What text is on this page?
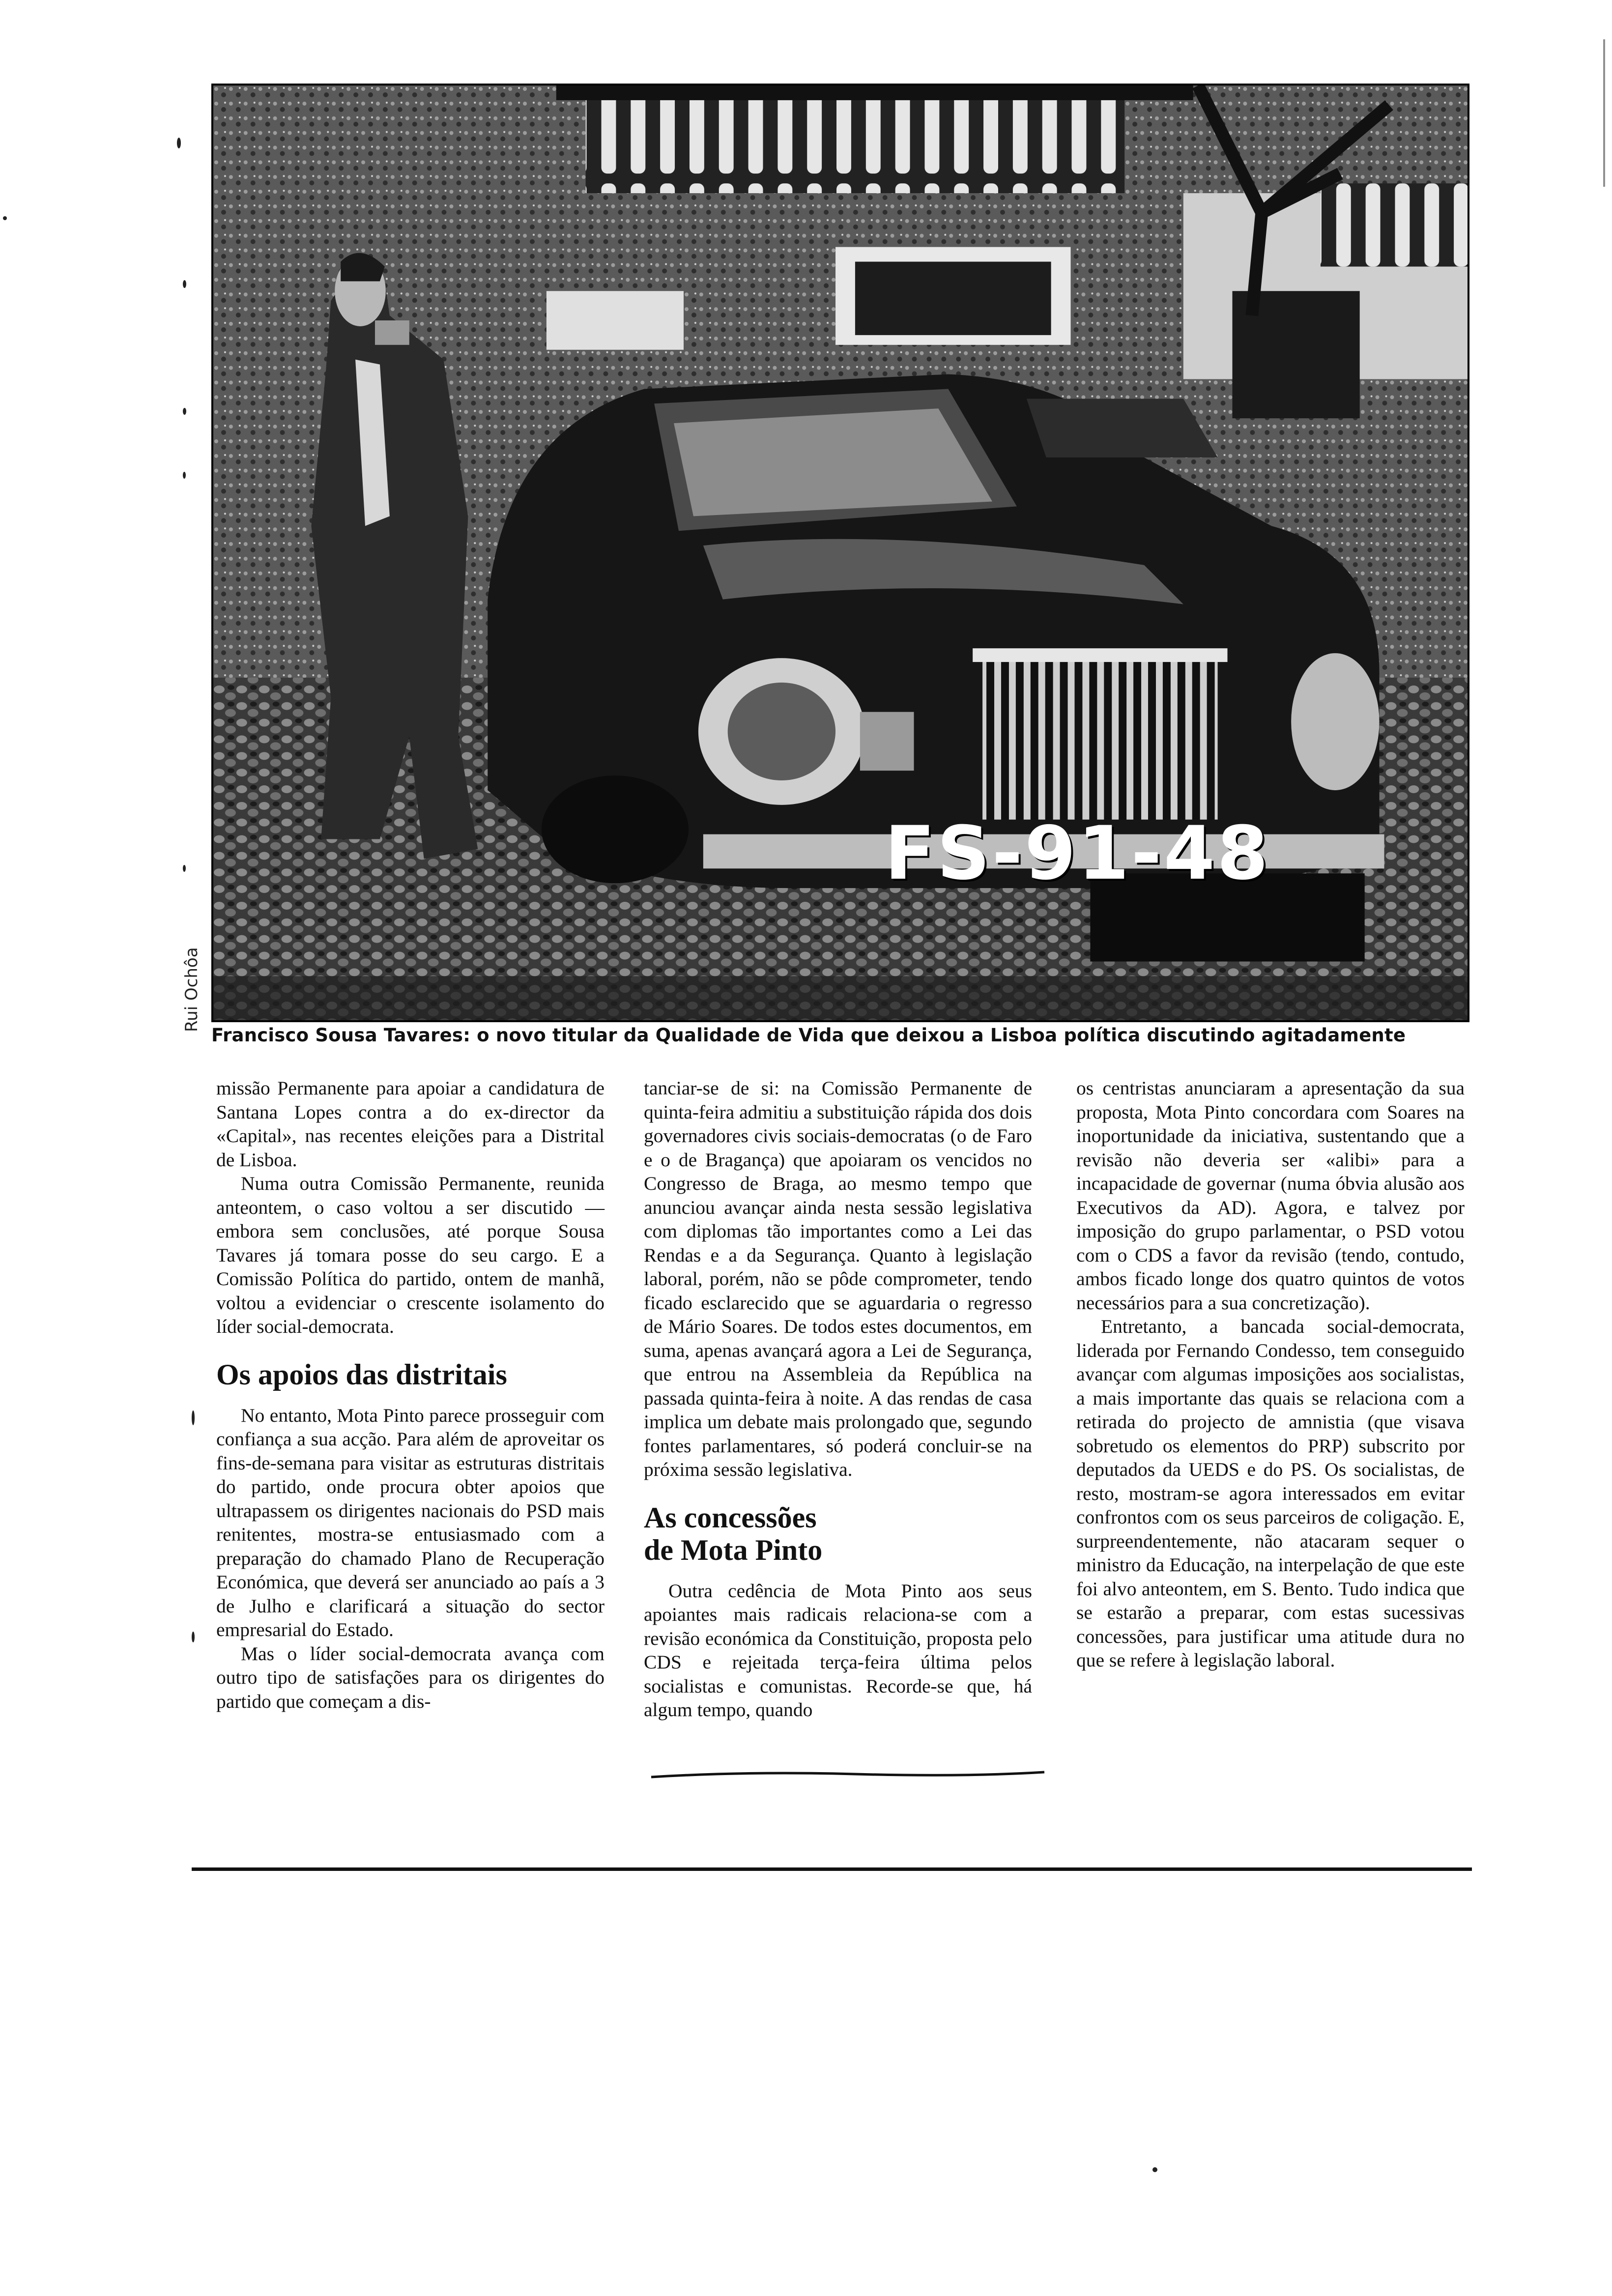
FS-91-48
Rui Ochôa
Francisco Sousa Tavares: o novo titular da Qualidade de Vida que deixou a Lisboa política discutindo agitadamente

missão Permanente para apoiar a candidatura de Santana Lopes contra a do ex-director da «Capital», nas recentes eleições para a Distrital de Lisboa.

Numa outra Comissão Permanente, reunida anteontem, o caso voltou a ser discutido — embora sem conclusões, até porque Sousa Tavares já tomara posse do seu cargo. E a Comissão Política do partido, ontem de manhã, voltou a evidenciar o crescente isolamento do líder social-democrata.

Os apoios das distritais

No entanto, Mota Pinto parece prosseguir com confiança a sua acção. Para além de aproveitar os fins-de-semana para visitar as estruturas distritais do partido, onde procura obter apoios que ultrapassem os dirigentes nacionais do PSD mais renitentes, mostra-se entusiasmado com a preparação do chamado Plano de Recuperação Económica, que deverá ser anunciado ao país a 3 de Julho e clarificará a situação do sector empresarial do Estado.

Mas o líder social-democrata avança com outro tipo de satisfações para os dirigentes do partido que começam a dis-

tanciar-se de si: na Comissão Permanente de quinta-feira admitiu a substituição rápida dos dois governadores civis sociais-democratas (o de Faro e o de Bragança) que apoiaram os vencidos no Congresso de Braga, ao mesmo tempo que anunciou avançar ainda nesta sessão legislativa com diplomas tão importantes como a Lei das Rendas e a da Segurança. Quanto à legislação laboral, porém, não se pôde comprometer, tendo ficado esclarecido que se aguardaria o regresso de Mário Soares. De todos estes documentos, em suma, apenas avançará agora a Lei de Segurança, que entrou na Assembleia da República na passada quinta-feira à noite. A das rendas de casa implica um debate mais prolongado que, segundo fontes parlamentares, só poderá concluir-se na próxima sessão legislativa.

As concessões
de Mota Pinto

Outra cedência de Mota Pinto aos seus apoiantes mais radicais relaciona-se com a revisão económica da Constituição, proposta pelo CDS e rejeitada terça-feira última pelos socialistas e comunistas. Recorde-se que, há algum tempo, quando

os centristas anunciaram a apresentação da sua proposta, Mota Pinto concordara com Soares na inoportunidade da iniciativa, sustentando que a revisão não deveria ser «alibi» para a incapacidade de governar (numa óbvia alusão aos Executivos da AD). Agora, e talvez por imposição do grupo parlamentar, o PSD votou com o CDS a favor da revisão (tendo, contudo, ambos ficado longe dos quatro quintos de votos necessários para a sua concretização).

Entretanto, a bancada social-democrata, liderada por Fernando Condesso, tem conseguido avançar com algumas imposições aos socialistas, a mais importante das quais se relaciona com a retirada do projecto de amnistia (que visava sobretudo os elementos do PRP) subscrito por deputados da UEDS e do PS. Os socialistas, de resto, mostram-se agora interessados em evitar confrontos com os seus parceiros de coligação. E, surpreendentemente, não atacaram sequer o ministro da Educação, na interpelação de que este foi alvo anteontem, em S. Bento. Tudo indica que se estarão a preparar, com estas sucessivas concessões, para justificar uma atitude dura no que se refere à legislação laboral.
